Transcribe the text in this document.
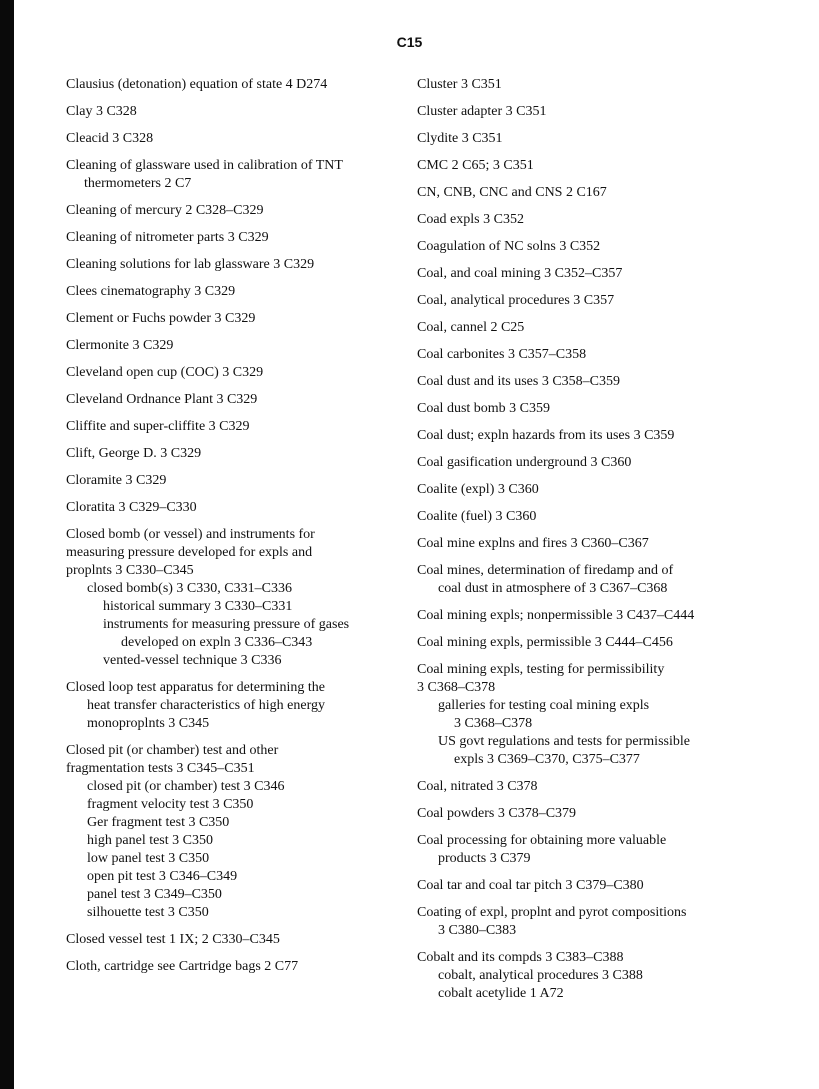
C15
Clausius (detonation) equation of state 4 D274
Clay 3 C328
Cleacid 3 C328
Cleaning of glassware used in calibration of TNT thermometers 2 C7
Cleaning of mercury 2 C328–C329
Cleaning of nitrometer parts 3 C329
Cleaning solutions for lab glassware 3 C329
Clees cinematography 3 C329
Clement or Fuchs powder 3 C329
Clermonite 3 C329
Cleveland open cup (COC) 3 C329
Cleveland Ordnance Plant 3 C329
Cliffite and super-cliffite 3 C329
Clift, George D. 3 C329
Cloramite 3 C329
Cloratita 3 C329–C330
Closed bomb (or vessel) and instruments for
measuring pressure developed for expls and
proplnts 3 C330–C345
closed bomb(s) 3 C330, C331–C336
historical summary 3 C330–C331
instruments for measuring pressure of gases
developed on expln 3 C336–C343
vented-vessel technique 3 C336
Closed loop test apparatus for determining the
heat transfer characteristics of high energy
monoproplnts 3 C345
Closed pit (or chamber) test and other
fragmentation tests 3 C345–C351
closed pit (or chamber) test 3 C346
fragment velocity test 3 C350
Ger fragment test 3 C350
high panel test 3 C350
low panel test 3 C350
open pit test 3 C346–C349
panel test 3 C349–C350
silhouette test 3 C350
Closed vessel test 1 IX; 2 C330–C345
Cloth, cartridge see Cartridge bags 2 C77
Cluster 3 C351
Cluster adapter 3 C351
Clydite 3 C351
CMC 2 C65; 3 C351
CN, CNB, CNC and CNS 2 C167
Coad expls 3 C352
Coagulation of NC solns 3 C352
Coal, and coal mining 3 C352–C357
Coal, analytical procedures 3 C357
Coal, cannel 2 C25
Coal carbonites 3 C357–C358
Coal dust and its uses 3 C358–C359
Coal dust bomb 3 C359
Coal dust; expln hazards from its uses 3 C359
Coal gasification underground 3 C360
Coalite (expl) 3 C360
Coalite (fuel) 3 C360
Coal mine explns and fires 3 C360–C367
Coal mines, determination of firedamp and of
coal dust in atmosphere of 3 C367–C368
Coal mining expls; nonpermissible 3 C437–C444
Coal mining expls, permissible 3 C444–C456
Coal mining expls, testing for permissibility
3 C368–C378
galleries for testing coal mining expls
3 C368–C378
US govt regulations and tests for permissible
expls 3 C369–C370, C375–C377
Coal, nitrated 3 C378
Coal powders 3 C378–C379
Coal processing for obtaining more valuable
products 3 C379
Coal tar and coal tar pitch 3 C379–C380
Coating of expl, proplnt and pyrot compositions
3 C380–C383
Cobalt and its compds 3 C383–C388
cobalt, analytical procedures 3 C388
cobalt acetylide 1 A72
